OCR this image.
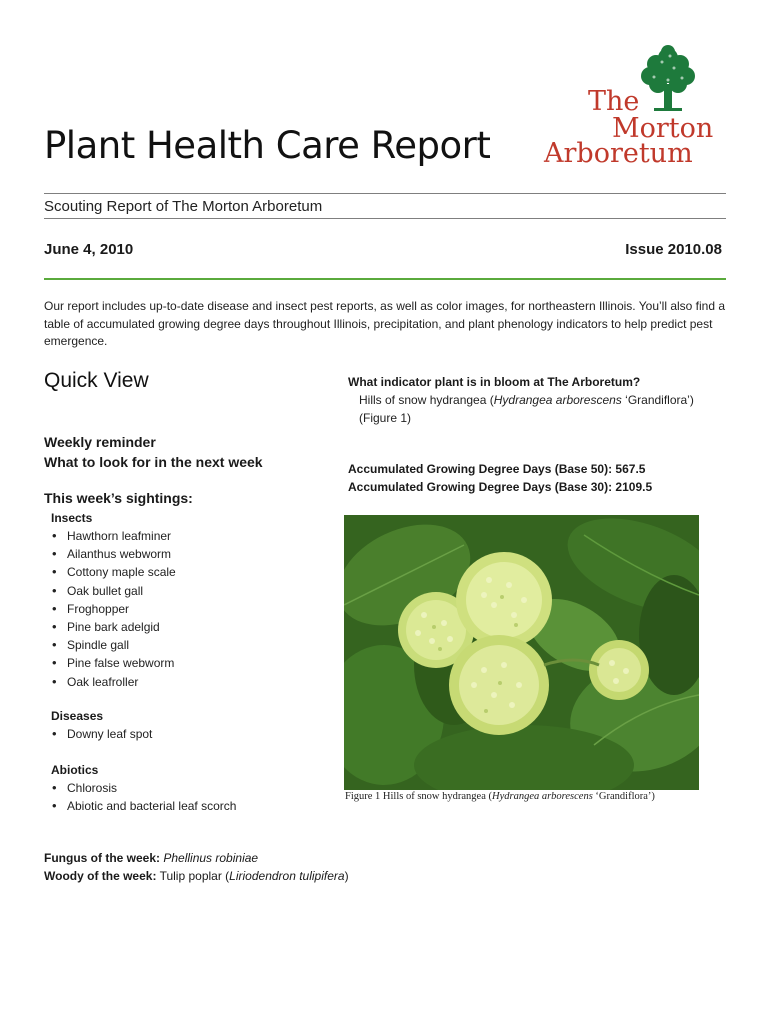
Plant Health Care Report
The
Morton
Arboretum
Scouting Report of The Morton Arboretum
June 4, 2010	Issue 2010.08
Our report includes up-to-date disease and insect pest reports, as well as color images, for northeastern Illinois. You’ll also find a table of accumulated growing degree days throughout Illinois, precipitation, and plant phenology indicators to help predict pest emergence.
Quick View
Weekly reminder
What to look for in the next week
This week’s sightings:
Insects
• Hawthorn leafminer
• Ailanthus webworm
• Cottony maple scale
• Oak bullet gall
• Froghopper
• Pine bark adelgid
• Spindle gall
• Pine false webworm
• Oak leafroller
Diseases
• Downy leaf spot
Abiotics
• Chlorosis
• Abiotic and bacterial leaf scorch
Fungus of the week: Phellinus robiniae
Woody of the week: Tulip poplar (Liriodendron tulipifera)
What indicator plant is in bloom at The Arboretum?
Hills of snow hydrangea (Hydrangea arborescens ‘Grandiflora’)
(Figure 1)
Accumulated Growing Degree Days (Base 50): 567.5
Accumulated Growing Degree Days (Base 30): 2109.5
Figure 1 Hills of snow hydrangea (Hydrangea arborescens ‘Grandiflora’)
